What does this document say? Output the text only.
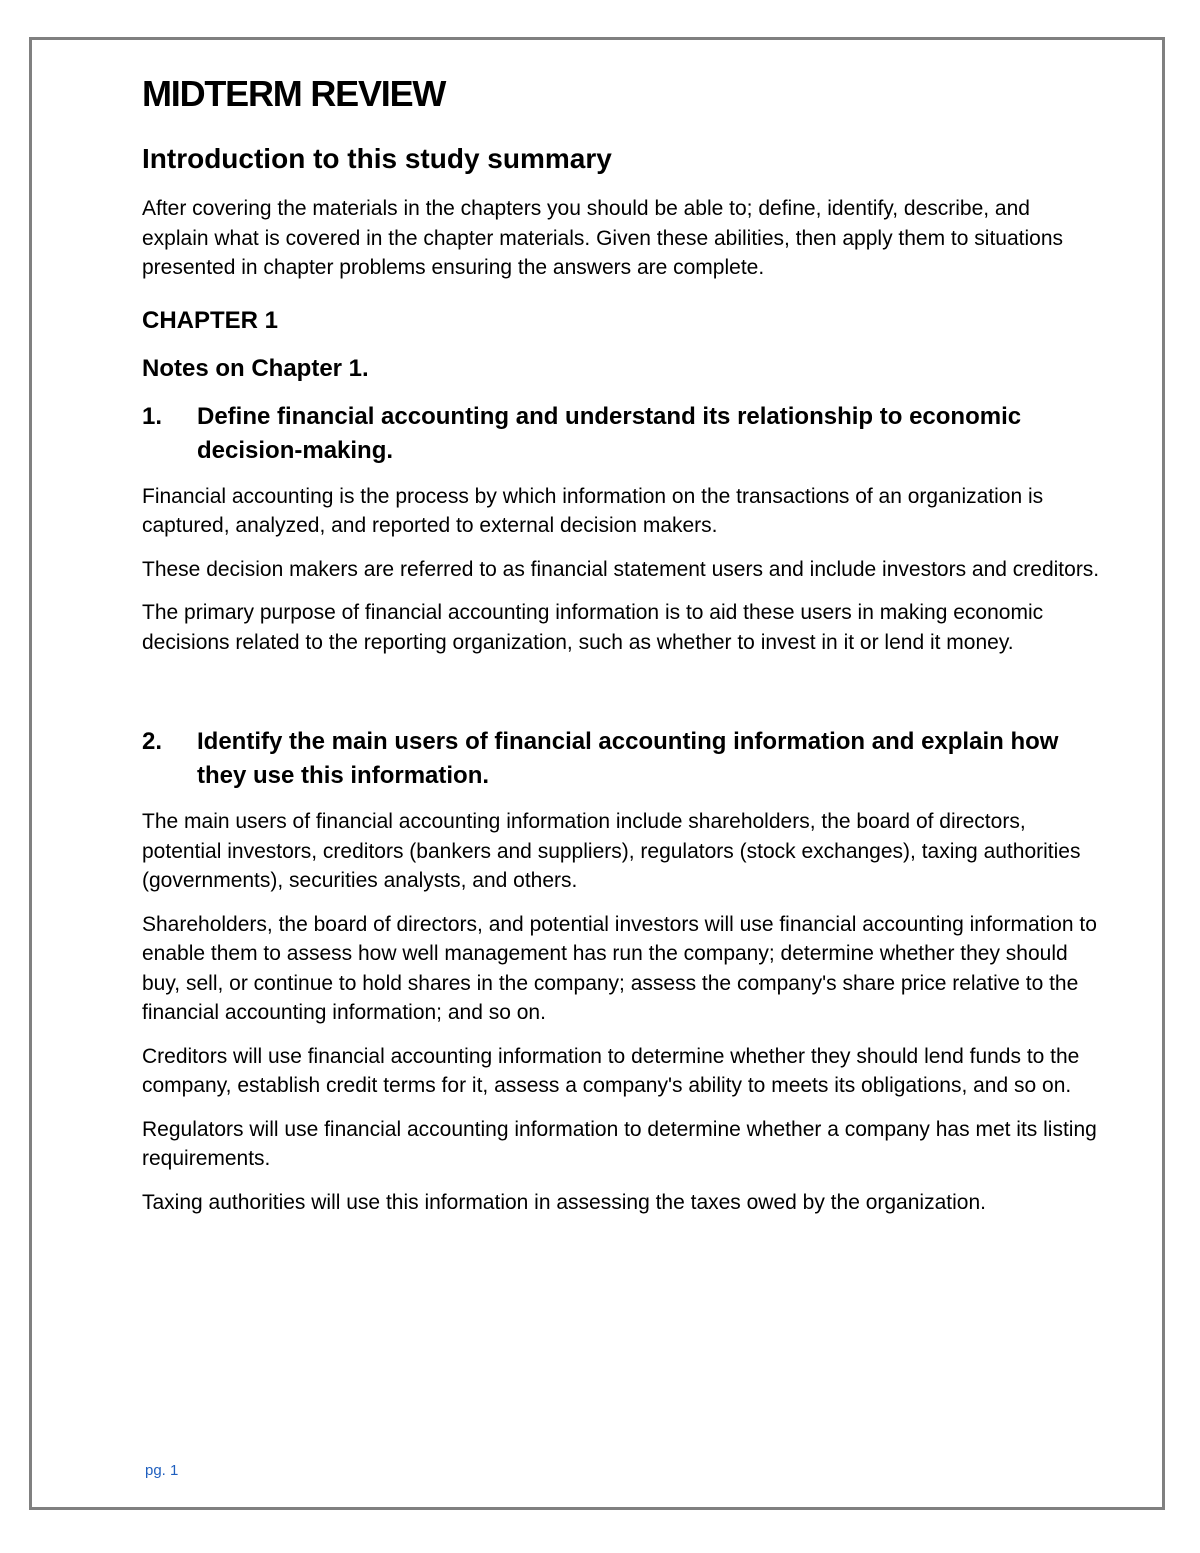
MIDTERM REVIEW
Introduction to this study summary

After covering the materials in the chapters you should be able to; define, identify, describe, and explain what is covered in the chapter materials. Given these abilities, then apply them to situations presented in chapter problems ensuring the answers are complete.

CHAPTER 1
Notes on Chapter 1.
1.	Define financial accounting and understand its relationship to economic decision-making.

Financial accounting is the process by which information on the transactions of an organization is captured, analyzed, and reported to external decision makers.

These decision makers are referred to as financial statement users and include investors and creditors.

The primary purpose of financial accounting information is to aid these users in making economic decisions related to the reporting organization, such as whether to invest in it or lend it money.

2.	Identify the main users of financial accounting information and explain how they use this information.

The main users of financial accounting information include shareholders, the board of directors, potential investors, creditors (bankers and suppliers), regulators (stock exchanges), taxing authorities (governments), securities analysts, and others.

Shareholders, the board of directors, and potential investors will use financial accounting information to enable them to assess how well management has run the company; determine whether they should buy, sell, or continue to hold shares in the company; assess the company's share price relative to the financial accounting information; and so on.

Creditors will use financial accounting information to determine whether they should lend funds to the company, establish credit terms for it, assess a company's ability to meets its obligations, and so on.

Regulators will use financial accounting information to determine whether a company has met its listing requirements.

Taxing authorities will use this information in assessing the taxes owed by the organization.

pg. 1
